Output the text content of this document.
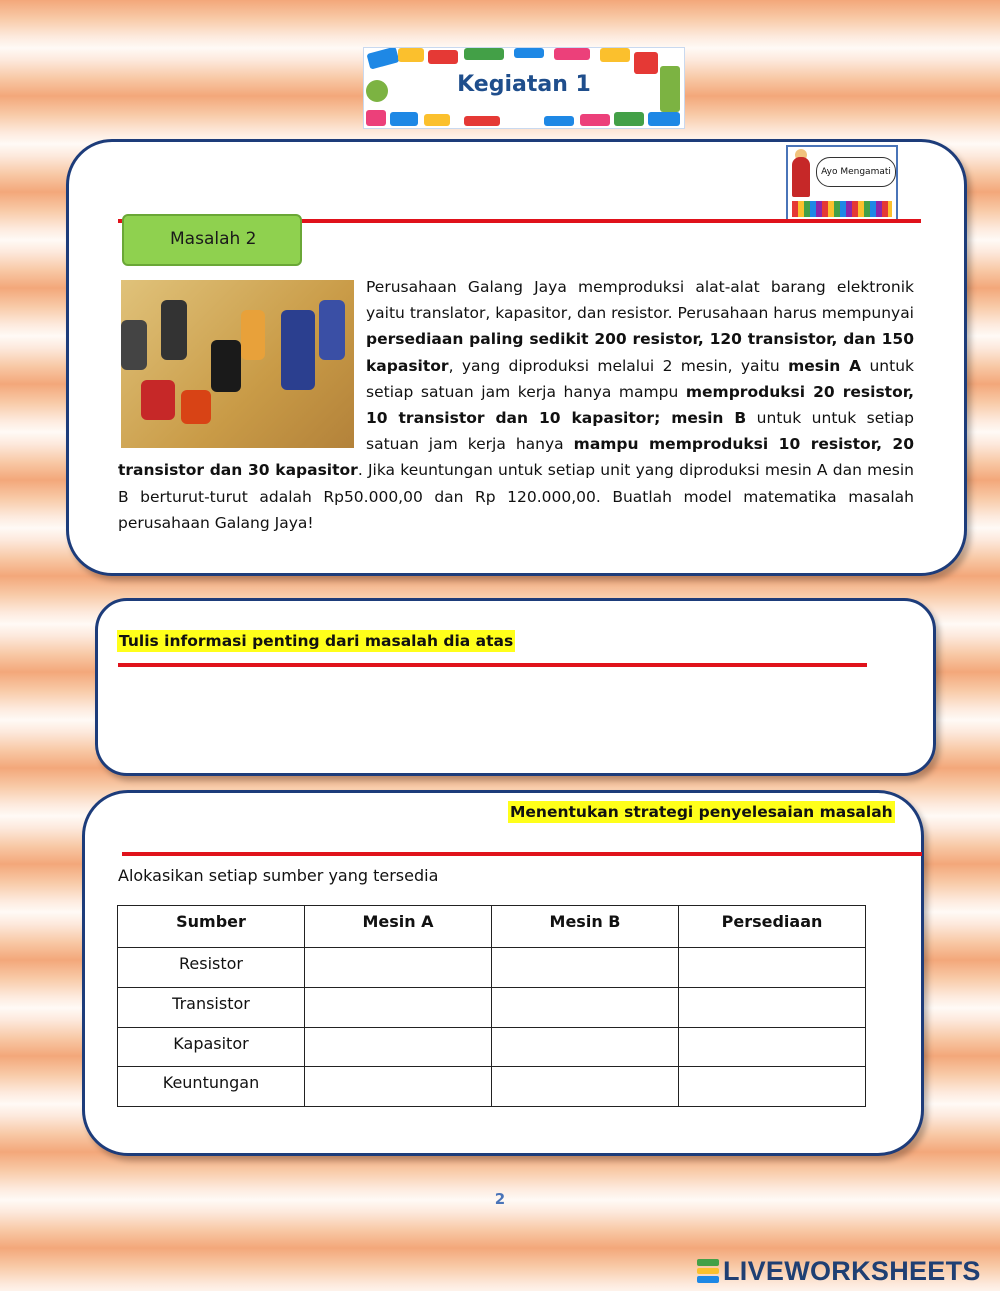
Kegiatan 1
Ayo Mengamati
Masalah 2
Perusahaan Galang Jaya memproduksi alat-alat barang elektronik yaitu translator, kapasitor, dan resistor. Perusahaan harus mempunyai persediaan paling sedikit 200 resistor, 120 transistor, dan 150 kapasitor, yang diproduksi melalui 2 mesin, yaitu mesin A untuk setiap satuan jam kerja hanya mampu memproduksi 20 resistor, 10 transistor dan 10 kapasitor; mesin B untuk untuk setiap satuan jam kerja hanya mampu memproduksi 10 resistor, 20 transistor dan 30 kapasitor. Jika keuntungan untuk setiap unit yang diproduksi mesin A dan mesin B berturut-turut adalah Rp50.000,00 dan Rp 120.000,00. Buatlah model matematika masalah perusahaan Galang Jaya!
Tulis informasi penting dari masalah dia atas
Menentukan strategi penyelesaian masalah
Alokasikan setiap sumber yang tersedia
Sumber	Mesin A	Mesin B	Persediaan
Resistor			
Transistor			
Kapasitor			
Keuntungan			
2
LIVEWORKSHEETS
